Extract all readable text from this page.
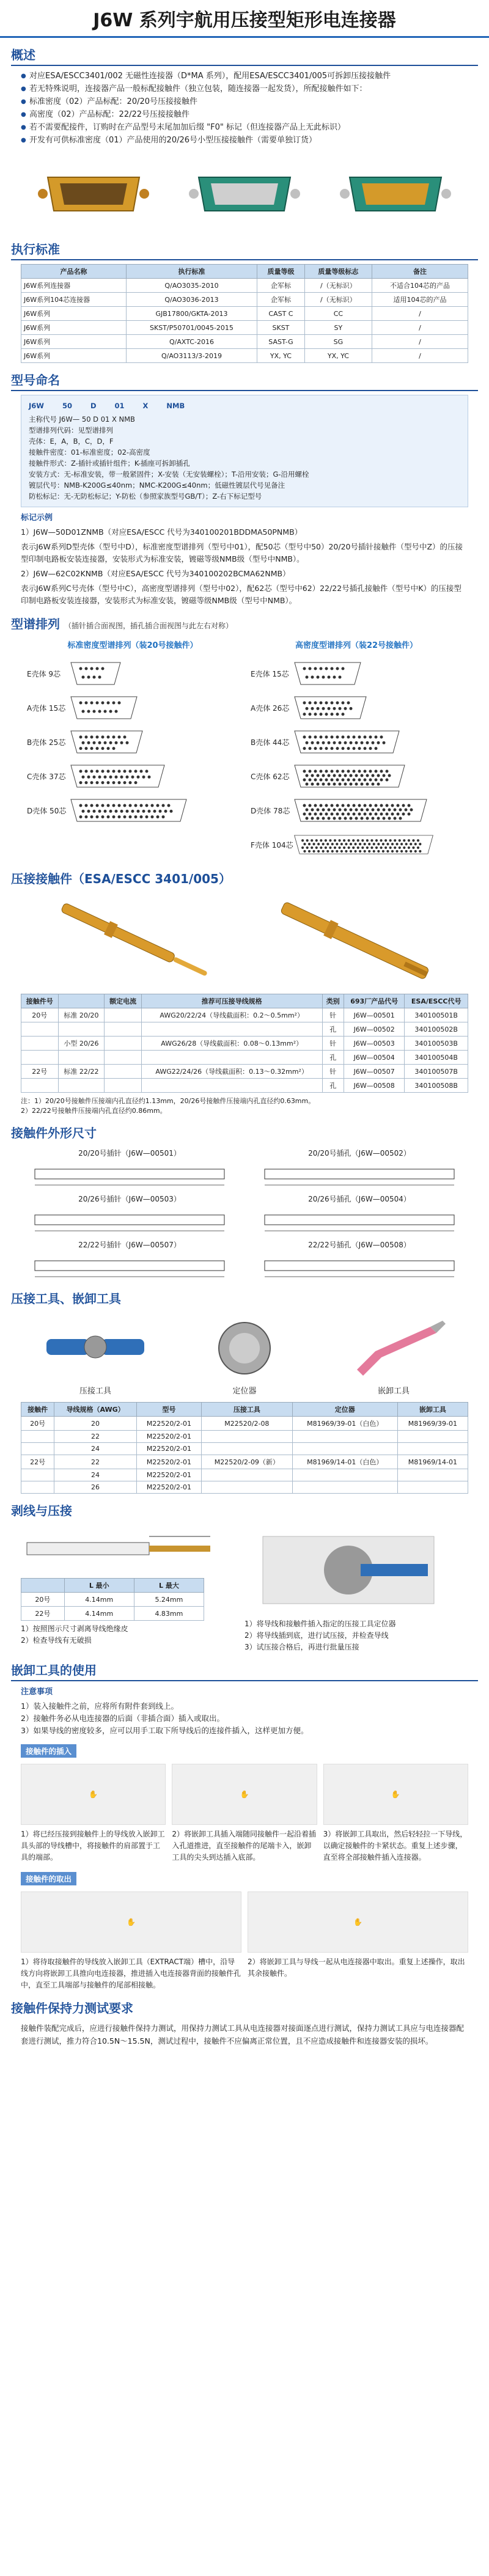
J6W 系列宇航用压接型矩形电连接器
概述
● 对应ESA/ESCC3401/002 无磁性连接器（D*MA 系列），配用ESA/ESCC3401/005可拆卸压接接触件
● 若无特殊说明，连接器产品一般标配接触件（独立包装，随连接器一起发货），所配接触件如下：
● 标准密度（02）产品标配：20/20号压接接触件
● 高密度（02）产品标配：22/22号压接接触件
● 若不需要配接件，订购时在产品型号末尾加加后缀 "F0" 标记（但连接器产品上无此标识）
● 开发有可供标准密度（01）产品使用的20/26号小型压接接触件（需要单独订货）
执行标准
产品名称	执行标准	质量等级	质量等级标志	备注
J6W系列连接器	Q/AO3035-2010	企军标	/（无标识）	不适合104芯的产品
J6W系列104芯连接器	Q/AO3036-2013	企军标	/（无标识）	适用104芯的产品
J6W系列	GJB17800/GKTA-2013	CAST C	CC	/
J6W系列	SKST/P50701/0045-2015	SKST	SY	/
J6W系列	Q/AXTC-2016	SAST-G	SG	/
J6W系列	Q/AO3113/3-2019	YX, YC	YX, YC	/
型号命名
J6W	50	D	01	X	NMB
主称代号 J6W— 50 D 01 X NMB
型谱排列代码：见型谱排列
壳体：E，A，B，C，D，F
接触件密度：01-标准密度；02-高密度
接触件形式：Z-插针或插针组件；K-插座可拆卸插孔
安装方式：无-标准安装，带一般紧固件；X-安装（无安装螺栓）；T-沿用安装；G-沿用螺栓
镀层代号：NMB-K200G≤40nm；NMC-K200G≤40nm；低磁性镀层代号见备注
防松标记：无-无防松标记；Y-防松（参照家族型号GB/T）；Z-右下标记型号
标记示例
1）J6W—50D01ZNMB（对应ESA/ESCC 代号为340100201BDDMA50PNMB）
表示J6W系列D型壳体（型号中D），标准密度型谱排列（型号中01），配50芯（型号中50）20/20号插针接触件（型号中Z）的压接型印制电路板安装连接器，安装形式为标准安装，镀磁等级NMB级（型号中NMB）。
2）J6W—62C02KNMB（对应ESA/ESCC 代号为340100202BCMA62NMB）
表示J6W系列C号壳体（型号中C），高密度型谱排列（型号中02），配62芯（型号中62）22/22号插孔接触件（型号中K）的压接型印制电路板安装连接器，安装形式为标准安装，镀磁等级NMB级（型号中NMB）。
型谱排列 （插针插合面视图，插孔插合面视图与此左右对称）
标准密度型谱排列（装20号接触件）
E壳体 9芯
A壳体 15芯
B壳体 25芯
C壳体 37芯
D壳体 50芯
高密度型谱排列（装22号接触件）
E壳体 15芯
A壳体 26芯
B壳体 44芯
C壳体 62芯
D壳体 78芯
F壳体 104芯
压接接触件（ESA/ESCC 3401/005）
接触件号		额定电流	推荐可压接导线规格	类别	693厂产品代号	ESA/ESCC代号
20号	标准 20/20		AWG20/22/24（导线截面积：0.2～0.5mm²）	针	J6W—00501	340100501B
				孔	J6W—00502	340100502B
	小型 20/26		AWG26/28（导线截面积：0.08～0.13mm²）	针	J6W—00503	340100503B
				孔	J6W—00504	340100504B
22号	标准 22/22		AWG22/24/26（导线截面积：0.13～0.32mm²）	针	J6W—00507	340100507B
				孔	J6W—00508	340100508B
注：1）20/20号接触件压接端内孔直径约1.13mm，20/26号接触件压接端内孔直径约0.63mm。
2）22/22号接触件压接端内孔直径约0.86mm。
接触件外形尺寸
20/20号插针（J6W—00501）	20/20号插孔（J6W—00502）
20/26号插针（J6W—00503）	20/26号插孔（J6W—00504）
22/22号插针（J6W—00507）	22/22号插孔（J6W—00508）
压接工具、嵌卸工具
压接工具	定位器	嵌卸工具
接触件	导线规格（AWG）	型号	压接工具	定位器	嵌卸工具
20号	20	M22520/2-01	M22520/2-08	M81969/39-01（白色）	M81969/39-01
	22	M22520/2-01			
	24	M22520/2-01			
22号	22	M22520/2-01	M22520/2-09（新）	M81969/14-01（白色）	M81969/14-01
	24	M22520/2-01			
	26	M22520/2-01			
剥线与压接
	L 最小	L 最大
20号	4.14mm	5.24mm
22号	4.14mm	4.83mm
1）按照图示尺寸剥离导线绝缘皮
2）检查导线有无破损
1）将导线和接触件插入指定的压接工具定位器
2）将导线插到底，进行试压接，并检查导线
3）试压接合格后，再进行批量压接
嵌卸工具的使用
注意事项
1）装入接触件之前，应将所有附件套到线上。
2）接触件务必从电连接器的后面（非插合面）插入或取出。
3）如果导线的密度较多，应可以用手工取下所导线后的连接件插入，这样更加方便。
接触件的插入
✋
1）将已经压接到接触件上的导线放入嵌卸工具头部的导线槽中，将接触件的肩部置于工具的端部。
✋
2）将嵌卸工具插入端随同接触件一起沿着插入孔道推进，直至接触件的尾端卡入，嵌卸工具的尖头到达插入底部。
✋
3）将嵌卸工具取出，然后轻轻拉一下导线，以确定接触件的卡紧状态。重复上述步骤，直至将全部接触件插入连接器。
接触件的取出
✋
1）将待取接触件的导线放入嵌卸工具（EXTRACT端）槽中，沿导线方向将嵌卸工具推向电连接器，推进插入电连接器背面的接触件孔中，直至工具端部与接触件的尾部相接触。
✋
2）将嵌卸工具与导线一起从电连接器中取出。重复上述操作，取出其余接触件。
接触件保持力测试要求
接触件装配完成后，应进行接触件保持力测试，用保持力测试工具从电连接器对接面逐点进行测试，保持力测试工具应与电连接器配套进行测试，推力符合10.5N～15.5N，测试过程中，接触件不应偏离正常位置，且不应造成接触件和连接器安装的损坏。
